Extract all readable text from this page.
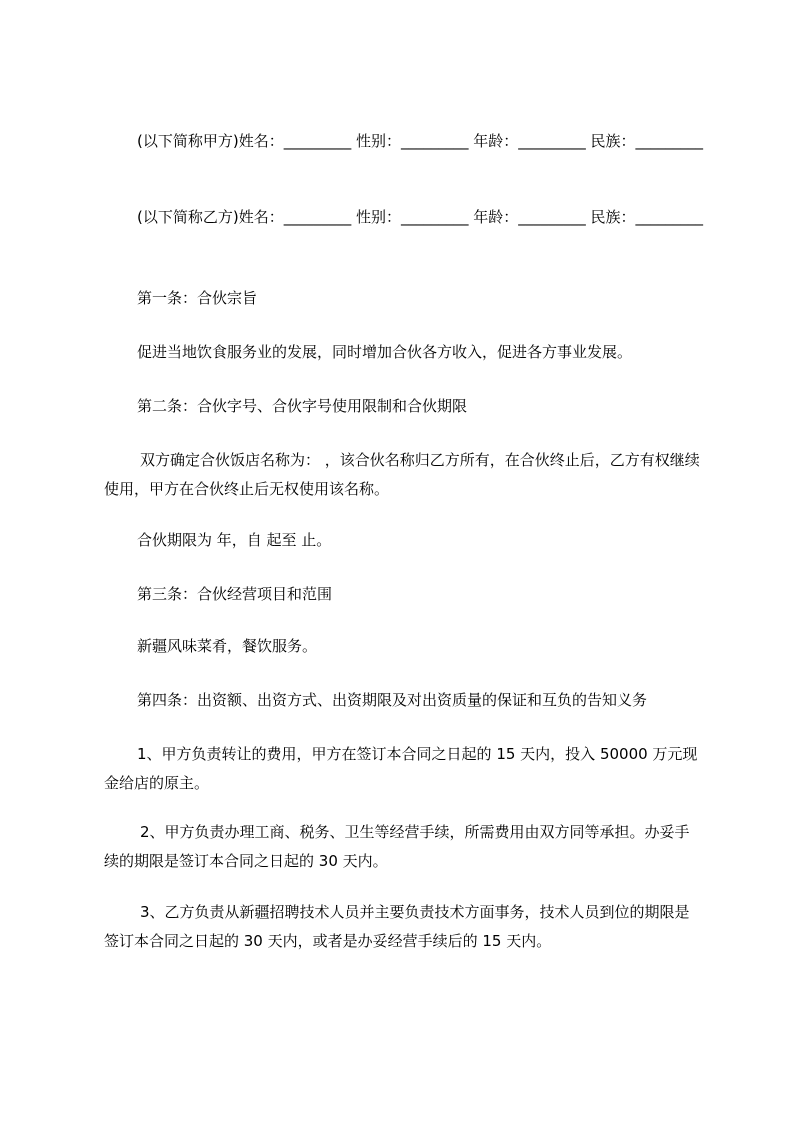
(以下简称甲方)姓名：_________ 性别：_________ 年龄：_________ 民族：_________

(以下简称乙方)姓名：_________ 性别：_________ 年龄：_________ 民族：_________

第一条：合伙宗旨

促进当地饮食服务业的发展，同时增加合伙各方收入，促进各方事业发展。

第二条：合伙字号、合伙字号使用限制和合伙期限

双方确定合伙饭店名称为： ，该合伙名称归乙方所有，在合伙终止后，乙方有权继续使用，甲方在合伙终止后无权使用该名称。

合伙期限为 年，自 起至 止。

第三条：合伙经营项目和范围

新疆风味菜肴，餐饮服务。

第四条：出资额、出资方式、出资期限及对出资质量的保证和互负的告知义务

1、甲方负责转让的费用，甲方在签订本合同之日起的 15 天内，投入 50000 万元现金给店的原主。

2、甲方负责办理工商、税务、卫生等经营手续，所需费用由双方同等承担。办妥手续的期限是签订本合同之日起的 30 天内。

3、乙方负责从新疆招聘技术人员并主要负责技术方面事务，技术人员到位的期限是签订本合同之日起的 30 天内，或者是办妥经营手续后的 15 天内。
